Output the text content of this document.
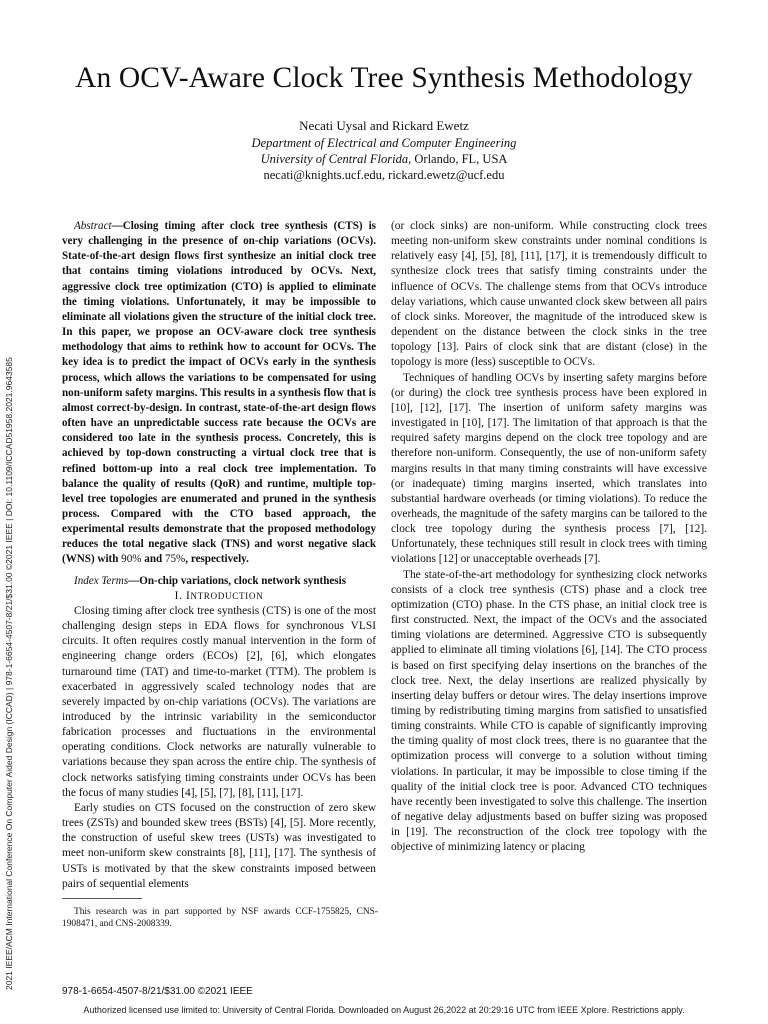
An OCV-Aware Clock Tree Synthesis Methodology
Necati Uysal and Rickard Ewetz
Department of Electrical and Computer Engineering
University of Central Florida, Orlando, FL, USA
necati@knights.ucf.edu, rickard.ewetz@ucf.edu
2021 IEEE/ACM International Conference On Computer Aided Design (ICCAD) | 978-1-6654-4507-8/21/$31.00 ©2021 IEEE | DOI: 10.1109/ICCAD51958.2021.9643585

Abstract—Closing timing after clock tree synthesis (CTS) is very challenging in the presence of on-chip variations (OCVs). State-of-the-art design flows first synthesize an initial clock tree that contains timing violations introduced by OCVs. Next, aggressive clock tree optimization (CTO) is applied to eliminate the timing violations. Unfortunately, it may be impossible to eliminate all violations given the structure of the initial clock tree. In this paper, we propose an OCV-aware clock tree synthesis methodology that aims to rethink how to account for OCVs. The key idea is to predict the impact of OCVs early in the synthesis process, which allows the variations to be compensated for using non-uniform safety margins. This results in a synthesis flow that is almost correct-by-design. In contrast, state-of-the-art design flows often have an unpredictable success rate because the OCVs are considered too late in the synthesis process. Concretely, this is achieved by top-down constructing a virtual clock tree that is refined bottom-up into a real clock tree implementation. To balance the quality of results (QoR) and runtime, multiple top-level tree topologies are enumerated and pruned in the synthesis process. Compared with the CTO based approach, the experimental results demonstrate that the proposed methodology reduces the total negative slack (TNS) and worst negative slack (WNS) with 90% and 75%, respectively.

Index Terms—On-chip variations, clock network synthesis

I. INTRODUCTION

Closing timing after clock tree synthesis (CTS) is one of the most challenging design steps in EDA flows for synchronous VLSI circuits. It often requires costly manual intervention in the form of engineering change orders (ECOs) [2], [6], which elongates turnaround time (TAT) and time-to-market (TTM). The problem is exacerbated in aggressively scaled technology nodes that are severely impacted by on-chip variations (OCVs). The variations are introduced by the intrinsic variability in the semiconductor fabrication processes and fluctuations in the environmental operating conditions. Clock networks are naturally vulnerable to variations because they span across the entire chip. The synthesis of clock networks satisfying timing constraints under OCVs has been the focus of many studies [4], [5], [7], [8], [11], [17].

Early studies on CTS focused on the construction of zero skew trees (ZSTs) and bounded skew trees (BSTs) [4], [5]. More recently, the construction of useful skew trees (USTs) was investigated to meet non-uniform skew constraints [8], [11], [17]. The synthesis of USTs is motivated by that the skew constraints imposed between pairs of sequential elements

This research was in part supported by NSF awards CCF-1755825, CNS-1908471, and CNS-2008339.

(or clock sinks) are non-uniform. While constructing clock trees meeting non-uniform skew constraints under nominal conditions is relatively easy [4], [5], [8], [11], [17], it is tremendously difficult to synthesize clock trees that satisfy timing constraints under the influence of OCVs. The challenge stems from that OCVs introduce delay variations, which cause unwanted clock skew between all pairs of clock sinks. Moreover, the magnitude of the introduced skew is dependent on the distance between the clock sinks in the tree topology [13]. Pairs of clock sink that are distant (close) in the topology is more (less) susceptible to OCVs.

Techniques of handling OCVs by inserting safety margins before (or during) the clock tree synthesis process have been explored in [10], [12], [17]. The insertion of uniform safety margins was investigated in [10], [17]. The limitation of that approach is that the required safety margins depend on the clock tree topology and are therefore non-uniform. Consequently, the use of non-uniform safety margins results in that many timing constraints will have excessive (or inadequate) timing margins inserted, which translates into substantial hardware overheads (or timing violations). To reduce the overheads, the magnitude of the safety margins can be tailored to the clock tree topology during the synthesis process [7], [12]. Unfortunately, these techniques still result in clock trees with timing violations [12] or unacceptable overheads [7].

The state-of-the-art methodology for synthesizing clock networks consists of a clock tree synthesis (CTS) phase and a clock tree optimization (CTO) phase. In the CTS phase, an initial clock tree is first constructed. Next, the impact of the OCVs and the associated timing violations are determined. Aggressive CTO is subsequently applied to eliminate all timing violations [6], [14]. The CTO process is based on first specifying delay insertions on the branches of the clock tree. Next, the delay insertions are realized physically by inserting delay buffers or detour wires. The delay insertions improve timing by redistributing timing margins from satisfied to unsatisfied timing constraints. While CTO is capable of significantly improving the timing quality of most clock trees, there is no guarantee that the optimization process will converge to a solution without timing violations. In particular, it may be impossible to close timing if the quality of the initial clock tree is poor. Advanced CTO techniques have recently been investigated to solve this challenge. The insertion of negative delay adjustments based on buffer sizing was proposed in [19]. The reconstruction of the clock tree topology with the objective of minimizing latency or placing

978-1-6654-4507-8/21/$31.00 ©2021 IEEE
Authorized licensed use limited to: University of Central Florida. Downloaded on August 26,2022 at 20:29:16 UTC from IEEE Xplore. Restrictions apply.
